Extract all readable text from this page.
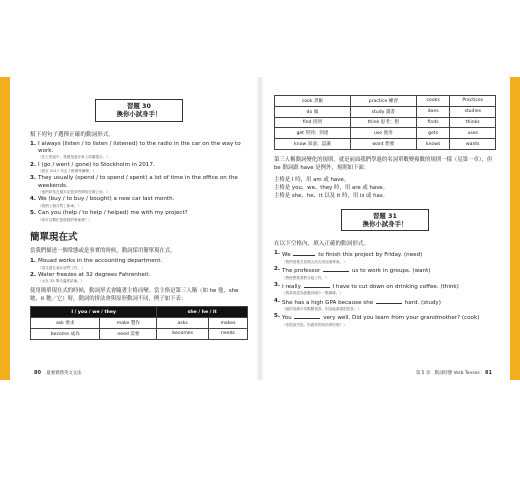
習題 30
換你小試身手！
幫下列句子選擇正確的動詞形式。
1. I always (listen / to listen / listened) to the radio in the car on the way to work.
（在上班途中，我總是會在車上收聽電台。）
2. I (go / went / gone) to Stockholm in 2017.
（我在 2017 年去了斯德哥爾摩。）
3. They usually (spend / to spend / spent) a lot of time in the office on the weekends.
（他們常常在週末花很多時間待在辦公室。）
4. We (buy / to buy / bought) a new car last month.
（我們上個月買了新車。）
5. Can you (help / to help / helped) me with my project?
（你可以幫忙我做我的專案嗎？）
簡單現在式
當我們描述一個常態或是事實的時候，動詞採用簡單現在式。
1. Mouad works in the accounting department.
（慕艾德在會計部門工作。）
2. Water freezes at 32 degrees Fahrenheit.
（水在 32 華氏溫度結凍。）
使用簡單現在式的時候，動詞形式會隨著主格而變。當主格是第三人稱（如 he 他、she 她、it 牠／它）時，動詞的拼法會與原形動詞不同，例子如下表：
I / you / we / they		she / he / it	
ask 要求	make 製作	asks	makes
become 成為	need 需要	becomes	needs
80 最強實務英文文法
cook 煮飯	practice 練習	cooks	Practices
do 做	study 讀書	does	studies
find 找到	think 思考；想	finds	thinks
get 得到；到達	use 使用	gets	uses
know 知道；認識	want 想要	knows	wants
第三人稱動詞變化的規則，就是前面我們學過的名詞單數變複數的規則一樣（見第一章），但 be 動詞跟 have 是例外，規則如下面：
主格是 I 時，用 am 或 have。
主格是 you、we、they 時，用 are 或 have。
主格是 she、he、it 以及 it 時，用 is 或 has。
習題 31
換你小試身手！
在以下空格內，填入正確的動詞形式。
1. We	to finish this project by Friday. (need)
（我們需要在星期五前完成這個專案。）
2. The professor	us to work in groups. (want)
（教授想要我們分組工作。）
3. I really	I have to cut down on drinking coffee. (think)
（我真的認為我應該減少一點咖啡。）
4. She has a high GPA because she	hard. (study)
（她的成績平均點數很高，因為她讀書很認真。）
5. You	very well. Did you learn from your grandmother? (cook)
（你很會烹飪。你跟你的奶奶學的嗎？）
第 5 章　動詞時態 Verb Tenses 81
